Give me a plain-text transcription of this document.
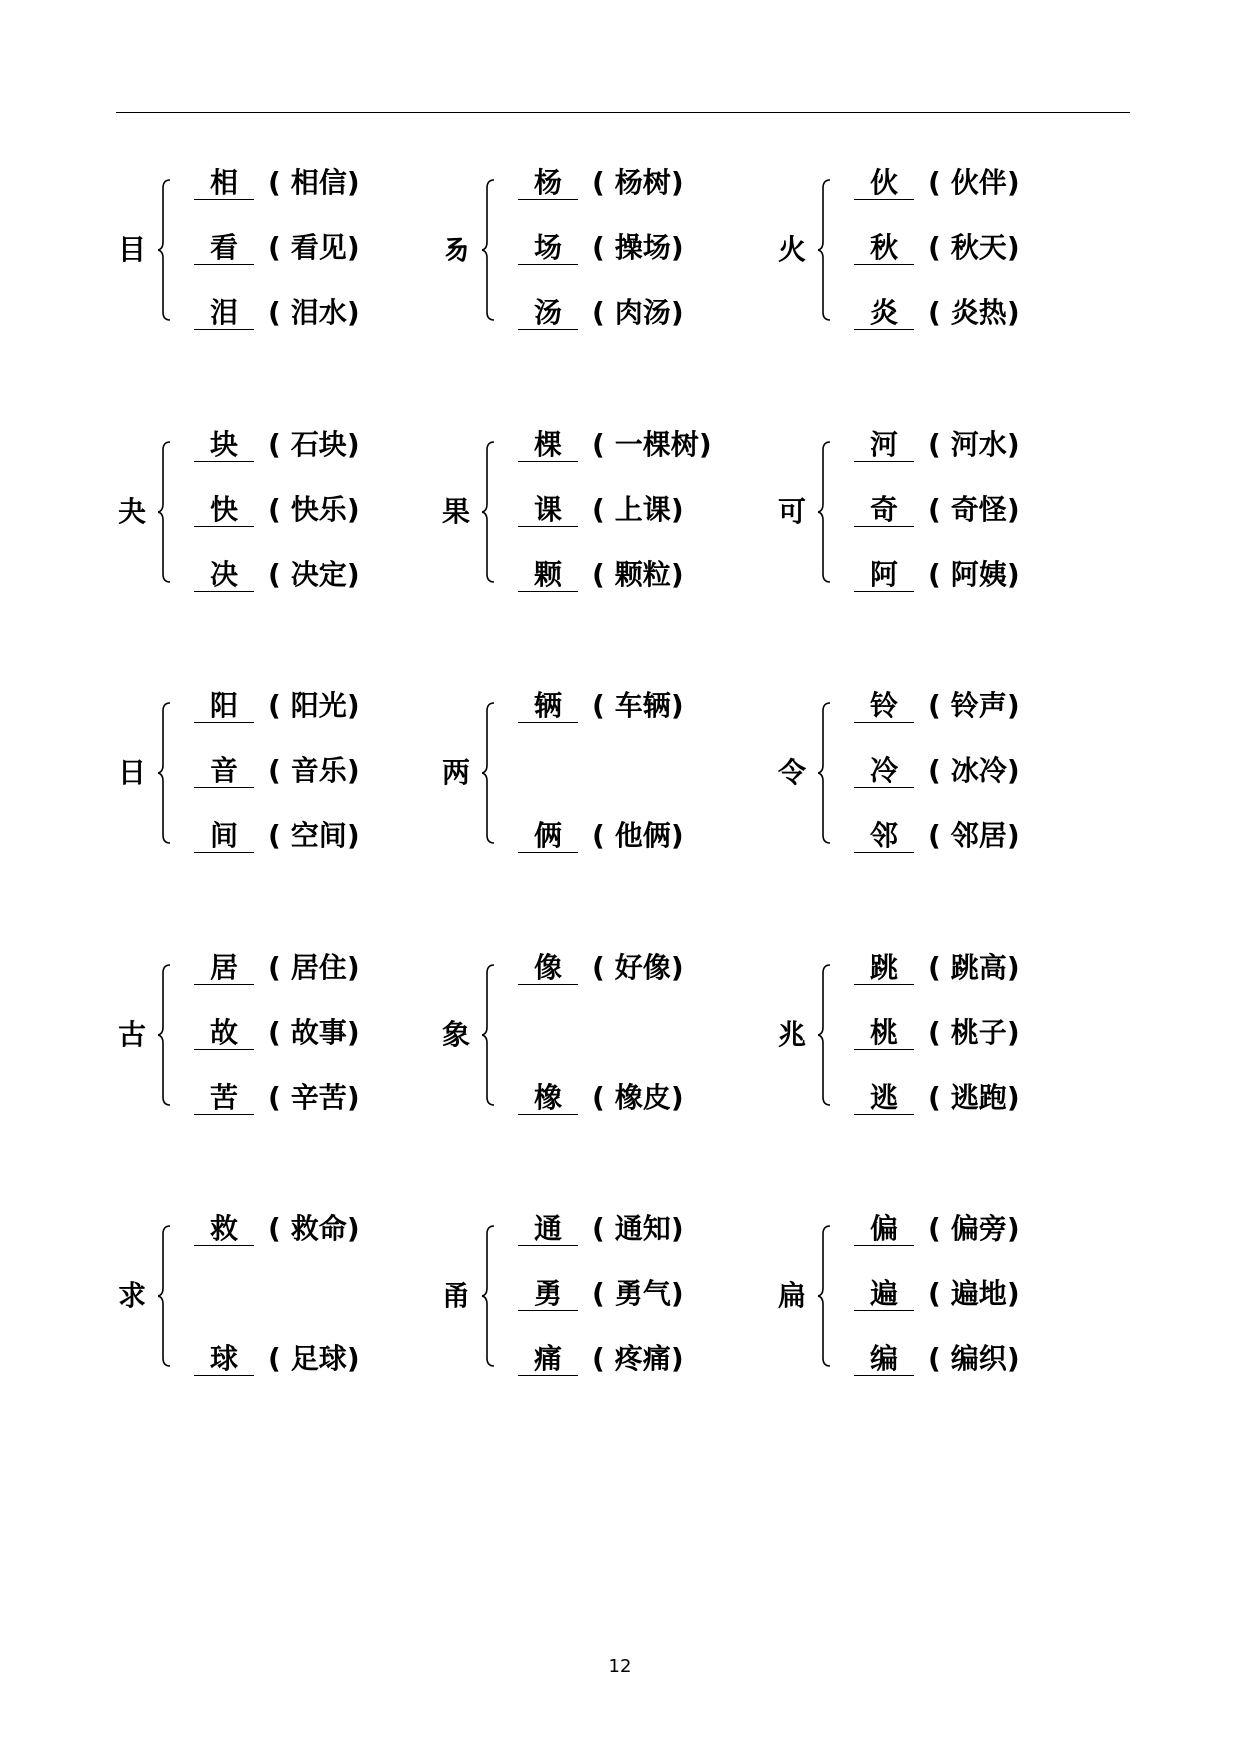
目
相	( 相信)
看	( 看见)
泪	( 泪水)
𠃓
杨	( 杨树)
场	( 操场)
汤	( 肉汤)
火
伙	( 伙伴)
秋	( 秋天)
炎	( 炎热)
夬
块	( 石块)
快	( 快乐)
决	( 决定)
果
棵	( 一棵树)
课	( 上课)
颗	( 颗粒)
可
河	( 河水)
奇	( 奇怪)
阿	( 阿姨)
日
阳	( 阳光)
音	( 音乐)
间	( 空间)
两
辆	( 车辆)
俩	( 他俩)
令
铃	( 铃声)
冷	( 冰冷)
邻	( 邻居)
古
居	( 居住)
故	( 故事)
苦	( 辛苦)
象
像	( 好像)
橡	( 橡皮)
兆
跳	( 跳高)
桃	( 桃子)
逃	( 逃跑)
求
救	( 救命)
球	( 足球)
甬
通	( 通知)
勇	( 勇气)
痛	( 疼痛)
扁
偏	( 偏旁)
遍	( 遍地)
编	( 编织)
12
